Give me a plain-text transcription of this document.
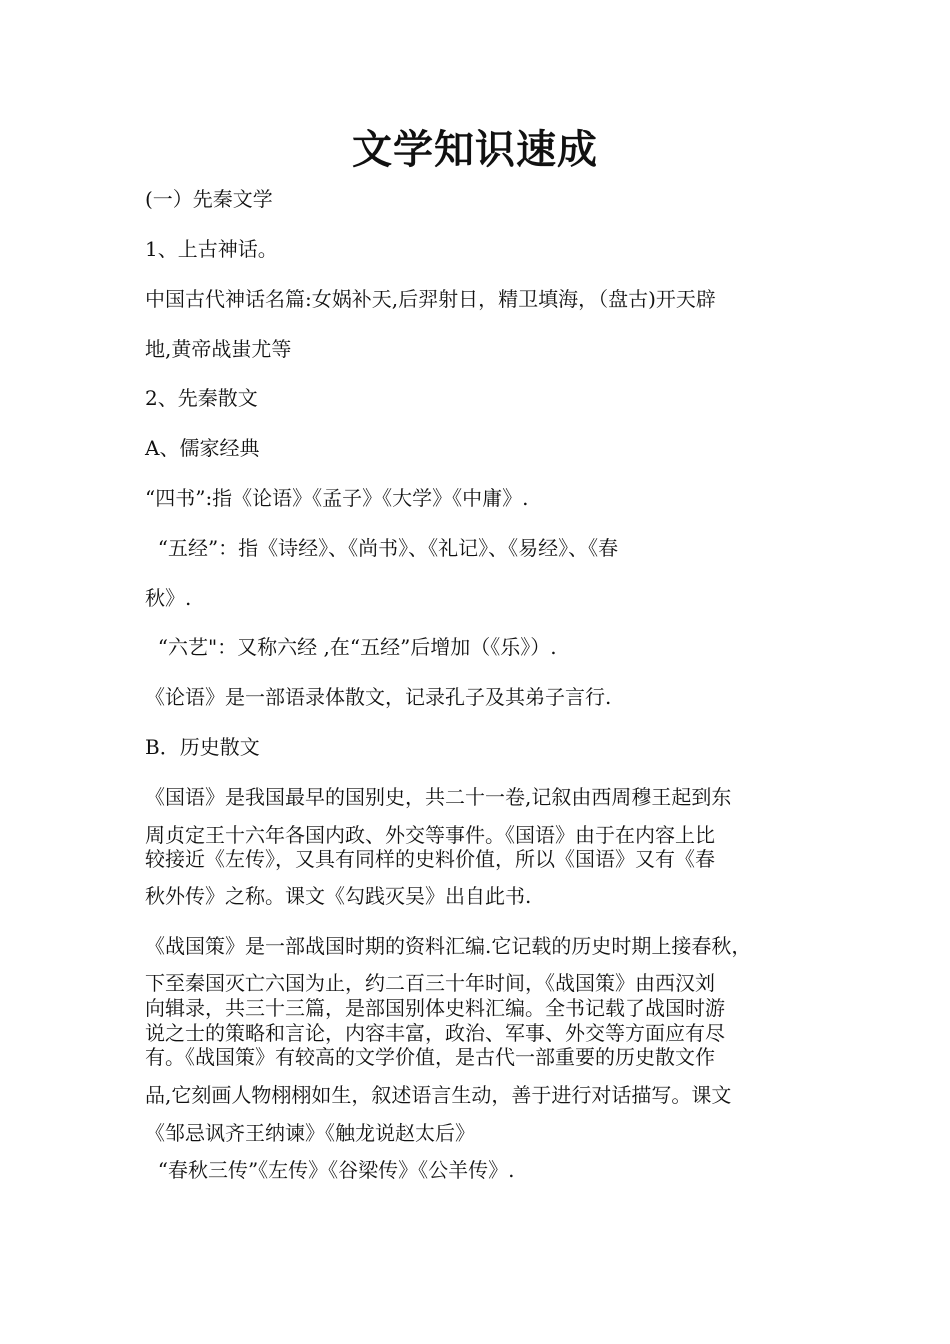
文学知识速成
(一）先秦文学
1、上古神话。
中国古代神话名篇:女娲补天,后羿射日，精卫填海，（盘古)开天辟
地,黄帝战蚩尤等
2、先秦散文
A、儒家经典
“四书”:指《论语》《孟子》《大学》《中庸》.
“五经”：指《诗经》、《尚书》、《礼记》、《易经》、《春
秋》.
“六艺"：又称六经 ,在“五经”后增加（《乐》）.
《论语》是一部语录体散文，记录孔子及其弟子言行.
B．历史散文
《国语》是我国最早的国别史，共二十一卷,记叙由西周穆王起到东
周贞定王十六年各国内政、外交等事件。《国语》由于在内容上比
较接近《左传》，又具有同样的史料价值，所以《国语》又有《春
秋外传》之称。课文《勾践灭吴》出自此书.
《战国策》是一部战国时期的资料汇编.它记载的历史时期上接春秋，
下至秦国灭亡六国为止，约二百三十年时间，《战国策》由西汉刘
向辑录，共三十三篇，是部国别体史料汇编。全书记载了战国时游
说之士的策略和言论，内容丰富，政治、军事、外交等方面应有尽
有。《战国策》有较高的文学价值，是古代一部重要的历史散文作
品,它刻画人物栩栩如生，叙述语言生动，善于进行对话描写。课文
《邹忌讽齐王纳谏》《触龙说赵太后》
“春秋三传”《左传》《谷梁传》《公羊传》.
